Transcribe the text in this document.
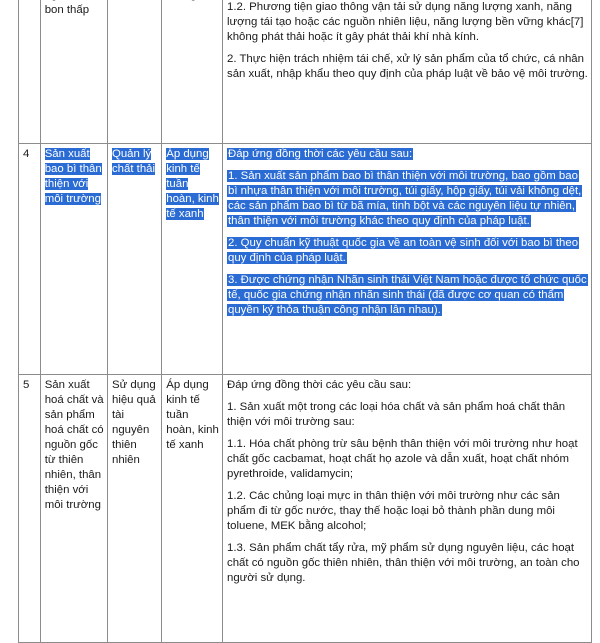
	bon thấp			1.2. Phương tiện giao thông vận tải sử dụng năng lượng xanh, năng lượng tái tạo hoặc các nguồn nhiên liệu, năng lượng bền vững khác[7] không phát thải hoặc ít gây phát thải khí nhà kính.
2. Thực hiện trách nhiệm tái chế, xử lý sản phẩm của tổ chức, cá nhân sản xuất, nhập khẩu theo quy định của pháp luật về bảo vệ môi trường.

4	Sản xuất bao bì thân thiện với môi trường	Quản lý chất thải	Áp dụng kinh tế tuần hoàn, kinh tế xanh	Đáp ứng đồng thời các yêu cầu sau:
1. Sản xuất sản phẩm bao bì thân thiện với môi trường, bao gồm bao bì nhựa thân thiện với môi trường, túi giấy, hộp giấy, túi vải không dệt, các sản phẩm bao bì từ bã mía, tinh bột và các nguyên liệu tự nhiên, thân thiện với môi trường khác theo quy định của pháp luật.
2. Quy chuẩn kỹ thuật quốc gia về an toàn vệ sinh đối với bao bì theo quy định của pháp luật.
3. Được chứng nhận Nhãn sinh thái Việt Nam hoặc được tổ chức quốc tế, quốc gia chứng nhận nhãn sinh thái (đã được cơ quan có thẩm quyền ký thỏa thuận công nhận lẫn nhau).

5	Sản xuất hoá chất và sản phẩm hoá chất có nguồn gốc từ thiên nhiên, thân thiện với môi trường	Sử dụng hiệu quả tài nguyên thiên nhiên	Áp dụng kinh tế tuần hoàn, kinh tế xanh	Đáp ứng đồng thời các yêu cầu sau:
1. Sản xuất một trong các loại hóa chất và sản phẩm hoá chất thân thiện với môi trường sau:
1.1. Hóa chất phòng trừ sâu bệnh thân thiện với môi trường như hoạt chất gốc cacbamat, hoạt chất họ azole và dẫn xuất, hoạt chất nhóm pyrethroide, validamycin;
1.2. Các chủng loại mực in thân thiện với môi trường như các sản phẩm đi từ gốc nước, thay thế hoặc loại bỏ thành phần dung môi toluene, MEK bằng alcohol;
1.3. Sản phẩm chất tẩy rửa, mỹ phẩm sử dụng nguyên liệu, các hoạt chất có nguồn gốc thiên nhiên, thân thiện với môi trường, an toàn cho người sử dụng.
